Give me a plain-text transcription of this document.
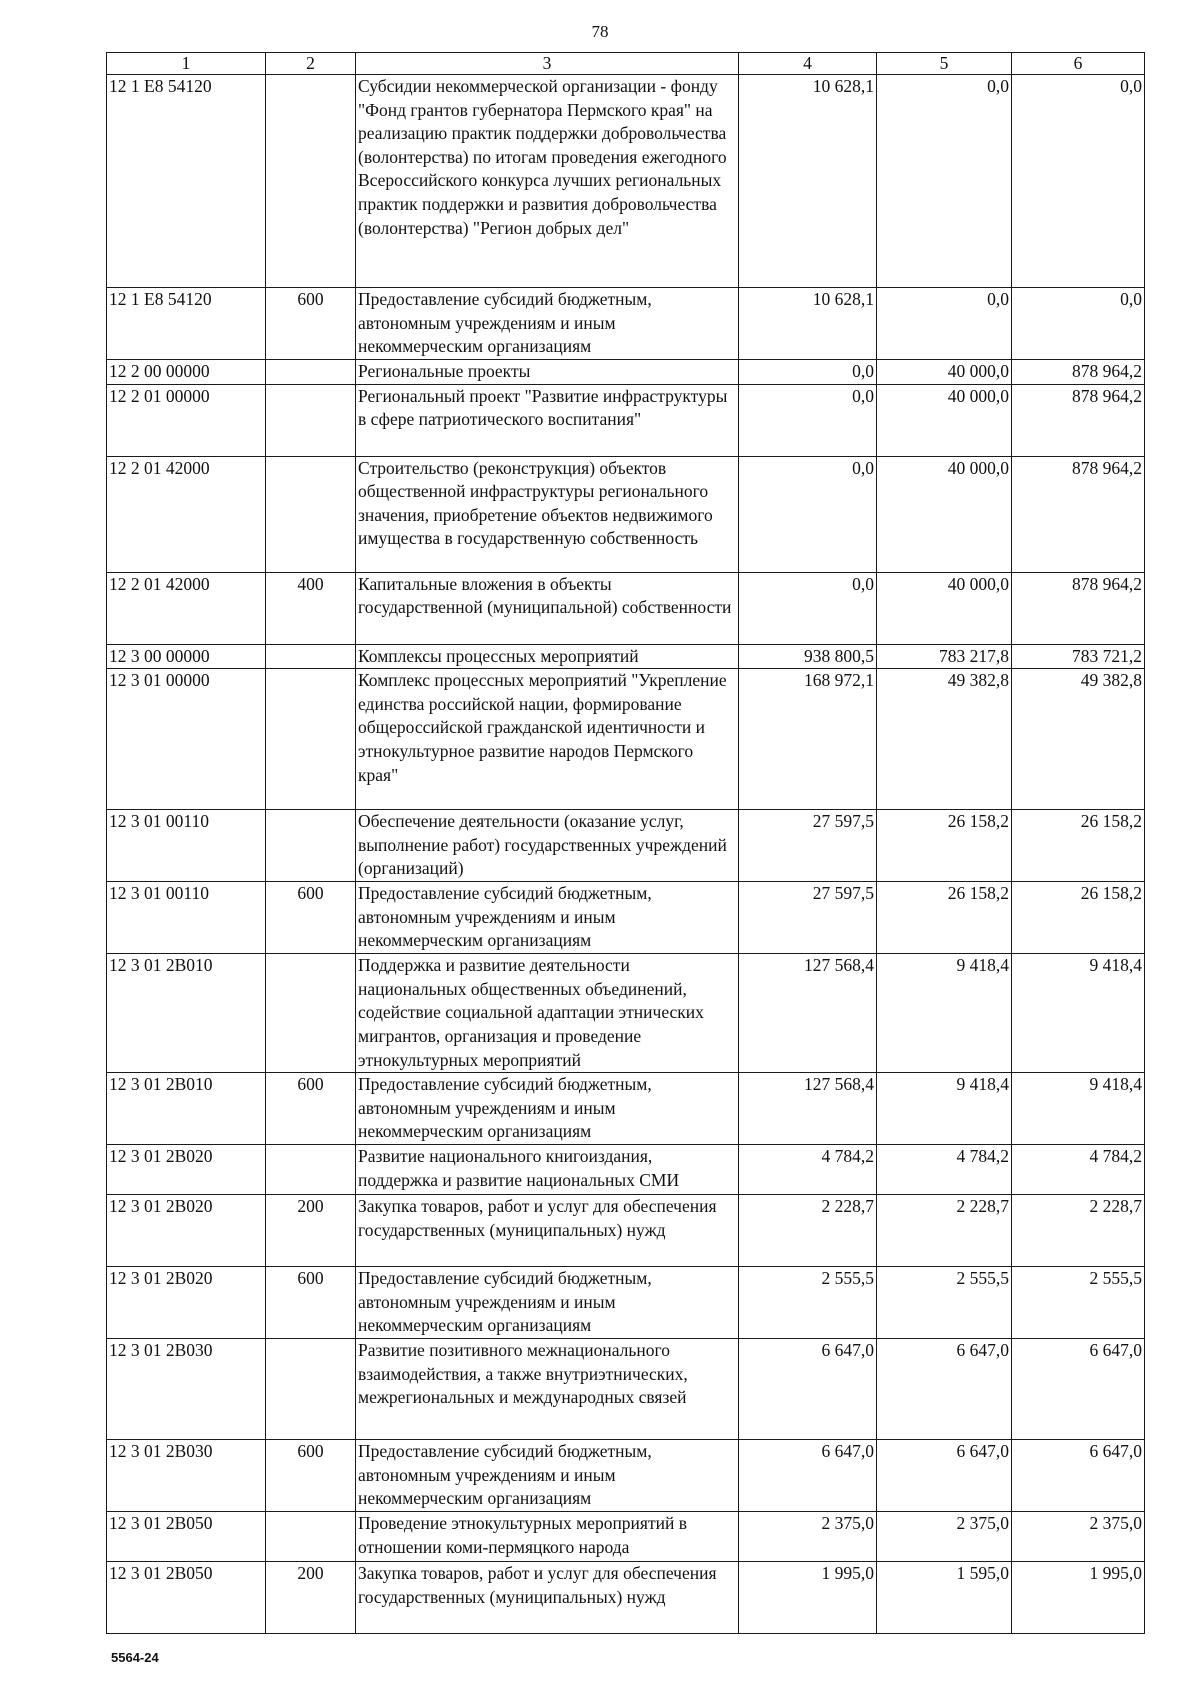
78
1	2	3	4	5	6
12 1 E8 54120		Субсидии некоммерческой организации - фонду "Фонд грантов губернатора Пермского края" на реализацию практик поддержки добровольчества (волонтерства) по итогам проведения ежегодного Всероссийского конкурса лучших региональных практик поддержки и развития добровольчества (волонтерства) "Регион добрых дел"	10 628,1	0,0	0,0
12 1 E8 54120	600	Предоставление субсидий бюджетным, автономным учреждениям и иным некоммерческим организациям	10 628,1	0,0	0,0
12 2 00 00000		Региональные проекты	0,0	40 000,0	878 964,2
12 2 01 00000		Региональный проект "Развитие инфраструктуры в сфере патриотического воспитания"	0,0	40 000,0	878 964,2
12 2 01 42000		Строительство (реконструкция) объектов общественной инфраструктуры регионального значения, приобретение объектов недвижимого имущества в государственную собственность	0,0	40 000,0	878 964,2
12 2 01 42000	400	Капитальные вложения в объекты государственной (муниципальной) собственности	0,0	40 000,0	878 964,2
12 3 00 00000		Комплексы процессных мероприятий	938 800,5	783 217,8	783 721,2
12 3 01 00000		Комплекс процессных мероприятий "Укрепление единства российской нации, формирование общероссийской гражданской идентичности и этнокультурное развитие народов Пермского края"	168 972,1	49 382,8	49 382,8
12 3 01 00110		Обеспечение деятельности (оказание услуг, выполнение работ) государственных учреждений (организаций)	27 597,5	26 158,2	26 158,2
12 3 01 00110	600	Предоставление субсидий бюджетным, автономным учреждениям и иным некоммерческим организациям	27 597,5	26 158,2	26 158,2
12 3 01 2В010		Поддержка и развитие деятельности национальных общественных объединений, содействие социальной адаптации этнических мигрантов, организация и проведение этнокультурных мероприятий	127 568,4	9 418,4	9 418,4
12 3 01 2В010	600	Предоставление субсидий бюджетным, автономным учреждениям и иным некоммерческим организациям	127 568,4	9 418,4	9 418,4
12 3 01 2В020		Развитие национального книгоиздания, поддержка и развитие национальных СМИ	4 784,2	4 784,2	4 784,2
12 3 01 2В020	200	Закупка товаров, работ и услуг для обеспечения государственных (муниципальных) нужд	2 228,7	2 228,7	2 228,7
12 3 01 2В020	600	Предоставление субсидий бюджетным, автономным учреждениям и иным некоммерческим организациям	2 555,5	2 555,5	2 555,5
12 3 01 2В030		Развитие позитивного межнационального взаимодействия, а также внутриэтнических, межрегиональных и международных связей	6 647,0	6 647,0	6 647,0
12 3 01 2В030	600	Предоставление субсидий бюджетным, автономным учреждениям и иным некоммерческим организациям	6 647,0	6 647,0	6 647,0
12 3 01 2В050		Проведение этнокультурных мероприятий в отношении коми-пермяцкого народа	2 375,0	2 375,0	2 375,0
12 3 01 2В050	200	Закупка товаров, работ и услуг для обеспечения государственных (муниципальных) нужд	1 995,0	1 595,0	1 995,0
5564-24
